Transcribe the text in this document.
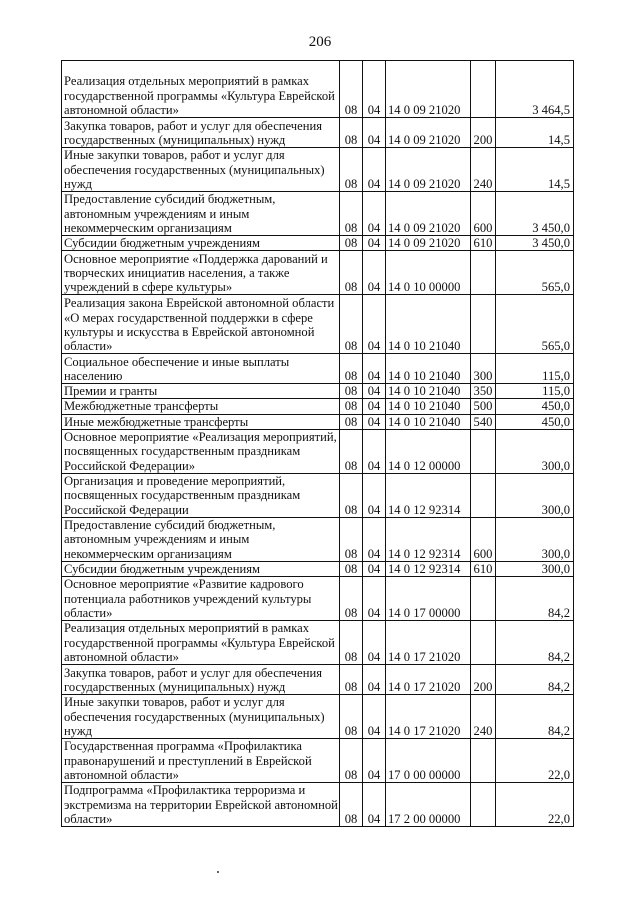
206
Реализация отдельных мероприятий в рамках государственной программы «Культура Еврейской автономной области»	08	04	14 0 09 21020		3 464,5
Закупка товаров, работ и услуг для обеспечения государственных (муниципальных) нужд	08	04	14 0 09 21020	200	14,5
Иные закупки товаров, работ и услуг для обеспечения государственных (муниципальных) нужд	08	04	14 0 09 21020	240	14,5
Предоставление субсидий бюджетным, автономным учреждениям и иным некоммерческим организациям	08	04	14 0 09 21020	600	3 450,0
Субсидии бюджетным учреждениям	08	04	14 0 09 21020	610	3 450,0
Основное мероприятие «Поддержка дарований и творческих инициатив населения, а также учреждений в сфере культуры»	08	04	14 0 10 00000		565,0
Реализация закона Еврейской автономной области «О мерах государственной поддержки в сфере культуры и искусства в Еврейской автономной области»	08	04	14 0 10 21040		565,0
Социальное обеспечение и иные выплаты населению	08	04	14 0 10 21040	300	115,0
Премии и гранты	08	04	14 0 10 21040	350	115,0
Межбюджетные трансферты	08	04	14 0 10 21040	500	450,0
Иные межбюджетные трансферты	08	04	14 0 10 21040	540	450,0
Основное мероприятие «Реализация мероприятий, посвященных государственным праздникам Российской Федерации»	08	04	14 0 12 00000		300,0
Организация и проведение мероприятий, посвященных государственным праздникам Российской Федерации	08	04	14 0 12 92314		300,0
Предоставление субсидий бюджетным, автономным учреждениям и иным некоммерческим организациям	08	04	14 0 12 92314	600	300,0
Субсидии бюджетным учреждениям	08	04	14 0 12 92314	610	300,0
Основное мероприятие «Развитие кадрового потенциала работников учреждений культуры области»	08	04	14 0 17 00000		84,2
Реализация отдельных мероприятий в рамках государственной программы «Культура Еврейской автономной области»	08	04	14 0 17 21020		84,2
Закупка товаров, работ и услуг для обеспечения государственных (муниципальных) нужд	08	04	14 0 17 21020	200	84,2
Иные закупки товаров, работ и услуг для обеспечения государственных (муниципальных) нужд	08	04	14 0 17 21020	240	84,2
Государственная программа «Профилактика правонарушений и преступлений в Еврейской автономной области»	08	04	17 0 00 00000		22,0
Подпрограмма «Профилактика терроризма и экстремизма на территории Еврейской автономной области»	08	04	17 2 00 00000		22,0
